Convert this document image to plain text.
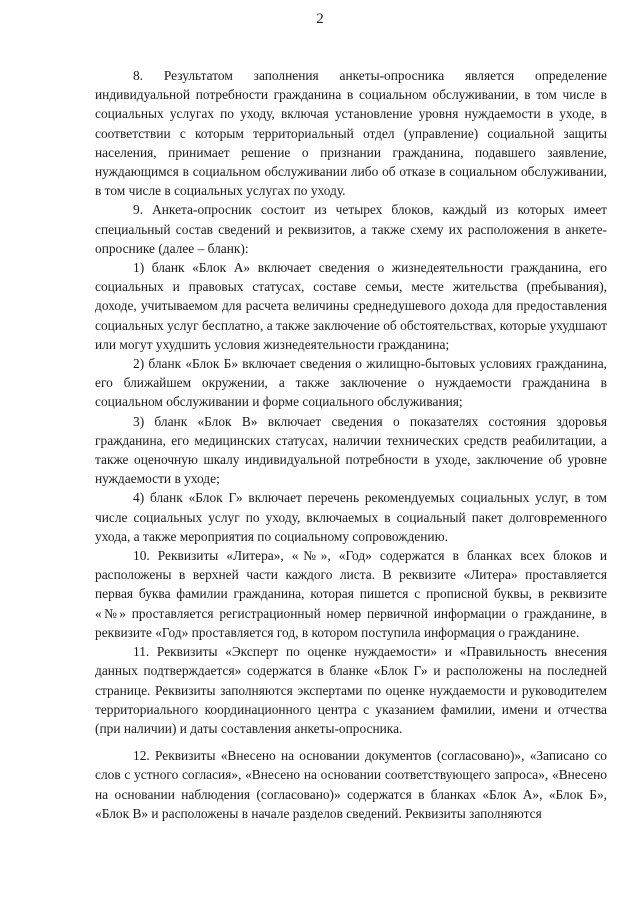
2

8. Результатом заполнения анкеты-опросника является определение индивидуальной потребности гражданина в социальном обслуживании, в том числе в социальных услугах по уходу, включая установление уровня нуждаемости в уходе, в соответствии с которым территориальный отдел (управление) социальной защиты населения, принимает решение о признании гражданина, подавшего заявление, нуждающимся в социальном обслуживании либо об отказе в социальном обслуживании, в том числе в социальных услугах по уходу.

9. Анкета-опросник состоит из четырех блоков, каждый из которых имеет специальный состав сведений и реквизитов, а также схему их расположения в анкете-опроснике (далее – бланк):

1) бланк «Блок А» включает сведения о жизнедеятельности гражданина, его социальных и правовых статусах, составе семьи, месте жительства (пребывания), доходе, учитываемом для расчета величины среднедушевого дохода для предоставления социальных услуг бесплатно, а также заключение об обстоятельствах, которые ухудшают или могут ухудшить условия жизнедеятельности гражданина;

2) бланк «Блок Б» включает сведения о жилищно-бытовых условиях гражданина, его ближайшем окружении, а также заключение о нуждаемости гражданина в социальном обслуживании и форме социального обслуживания;

3) бланк «Блок В» включает сведения о показателях состояния здоровья гражданина, его медицинских статусах, наличии технических средств реабилитации, а также оценочную шкалу индивидуальной потребности в уходе, заключение об уровне нуждаемости в уходе;

4) бланк «Блок Г» включает перечень рекомендуемых социальных услуг, в том числе социальных услуг по уходу, включаемых в социальный пакет долговременного ухода, а также мероприятия по социальному сопровождению.

10. Реквизиты «Литера», «№», «Год» содержатся в бланках всех блоков и расположены в верхней части каждого листа. В реквизите «Литера» проставляется первая буква фамилии гражданина, которая пишется с прописной буквы, в реквизите «№» проставляется регистрационный номер первичной информации о гражданине, в реквизите «Год» проставляется год, в котором поступила информация о гражданине.

11. Реквизиты «Эксперт по оценке нуждаемости» и «Правильность внесения данных подтверждается» содержатся в бланке «Блок Г» и расположены на последней странице. Реквизиты заполняются экспертами по оценке нуждаемости и руководителем территориального координационного центра с указанием фамилии, имени и отчества (при наличии) и даты составления анкеты-опросника.

12. Реквизиты «Внесено на основании документов (согласовано)», «Записано со слов с устного согласия», «Внесено на основании соответствующего запроса», «Внесено на основании наблюдения (согласовано)» содержатся в бланках «Блок А», «Блок Б», «Блок В» и расположены в начале разделов сведений. Реквизиты заполняются
